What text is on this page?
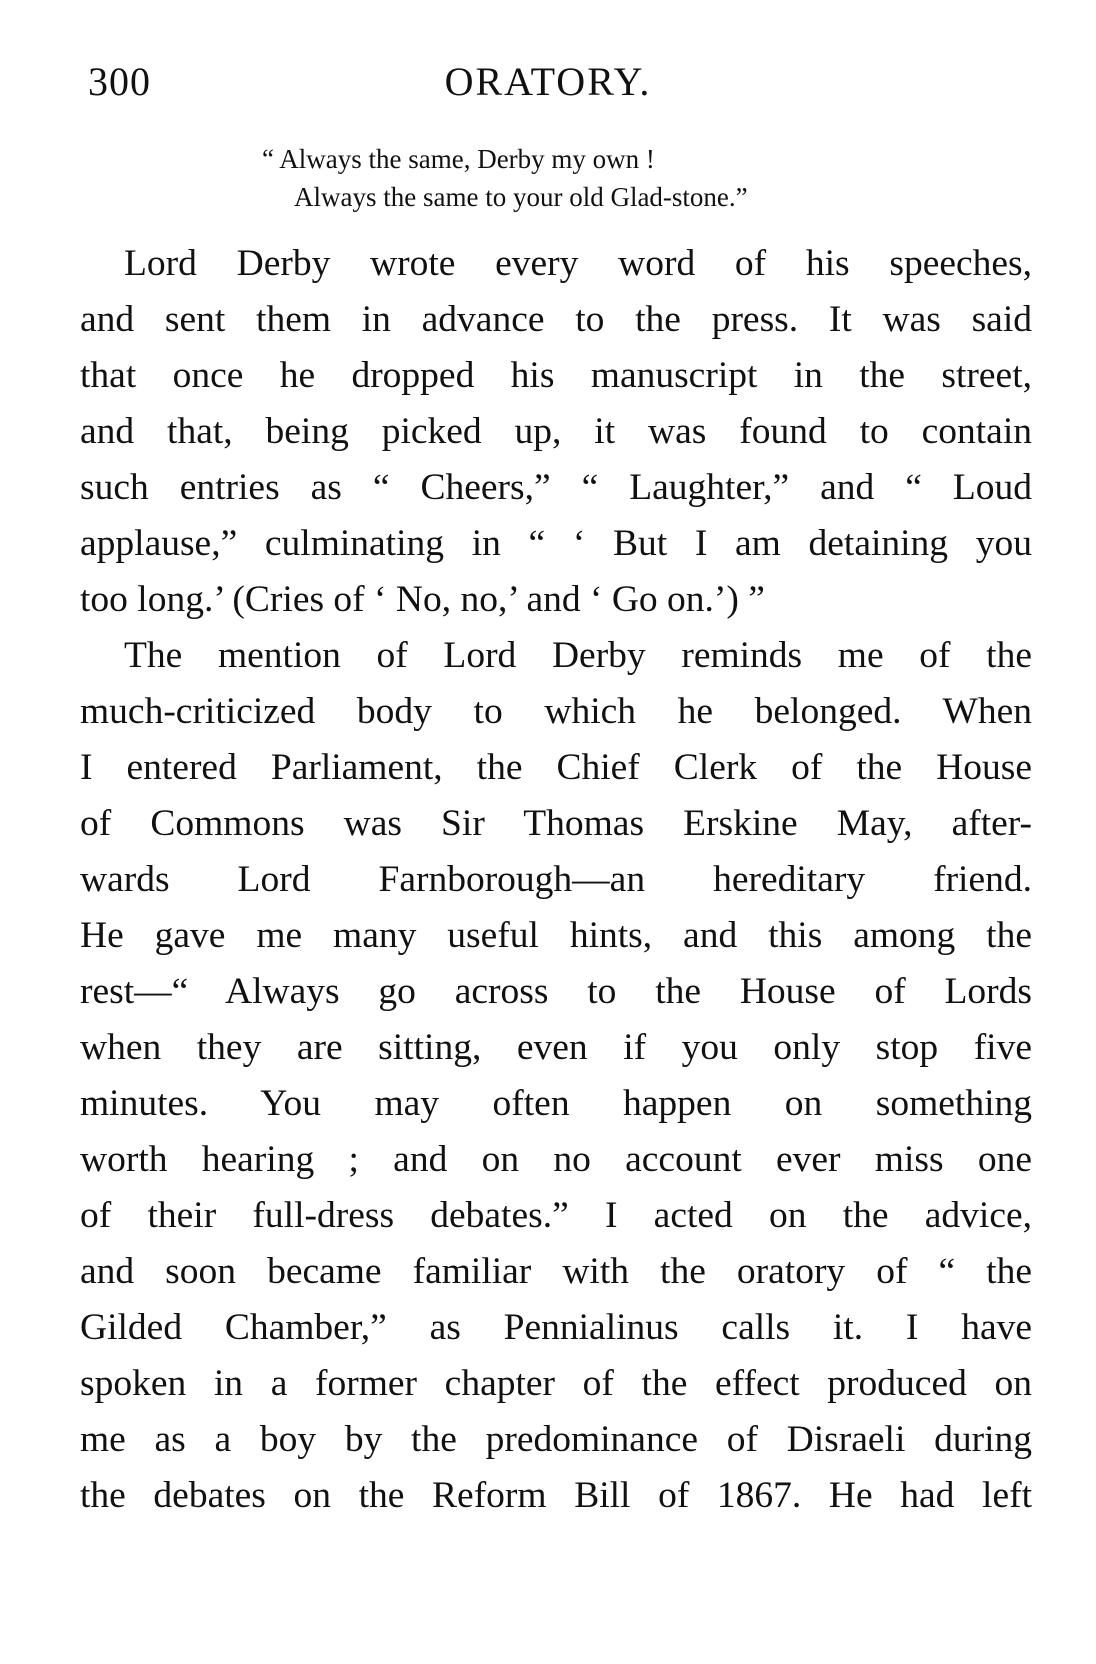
300	ORATORY.
“ Always the same, Derby my own !
Always the same to your old Glad-stone.”
Lord Derby wrote every word of his speeches,
and sent them in advance to the press. It was said
that once he dropped his manuscript in the street,
and that, being picked up, it was found to contain
such entries as “ Cheers,” “ Laughter,” and “ Loud
applause,” culminating in “ ‘ But I am detaining you
too long.’ (Cries of ‘ No, no,’ and ‘ Go on.’) ”
The mention of Lord Derby reminds me of the
much-criticized body to which he belonged. When
I entered Parliament, the Chief Clerk of the House
of Commons was Sir Thomas Erskine May, after-
wards Lord Farnborough—an hereditary friend.
He gave me many useful hints, and this among the
rest—“ Always go across to the House of Lords
when they are sitting, even if you only stop five
minutes. You may often happen on something
worth hearing ; and on no account ever miss one
of their full-dress debates.” I acted on the advice,
and soon became familiar with the oratory of “ the
Gilded Chamber,” as Pennialinus calls it. I have
spoken in a former chapter of the effect produced on
me as a boy by the predominance of Disraeli during
the debates on the Reform Bill of 1867. He had left
